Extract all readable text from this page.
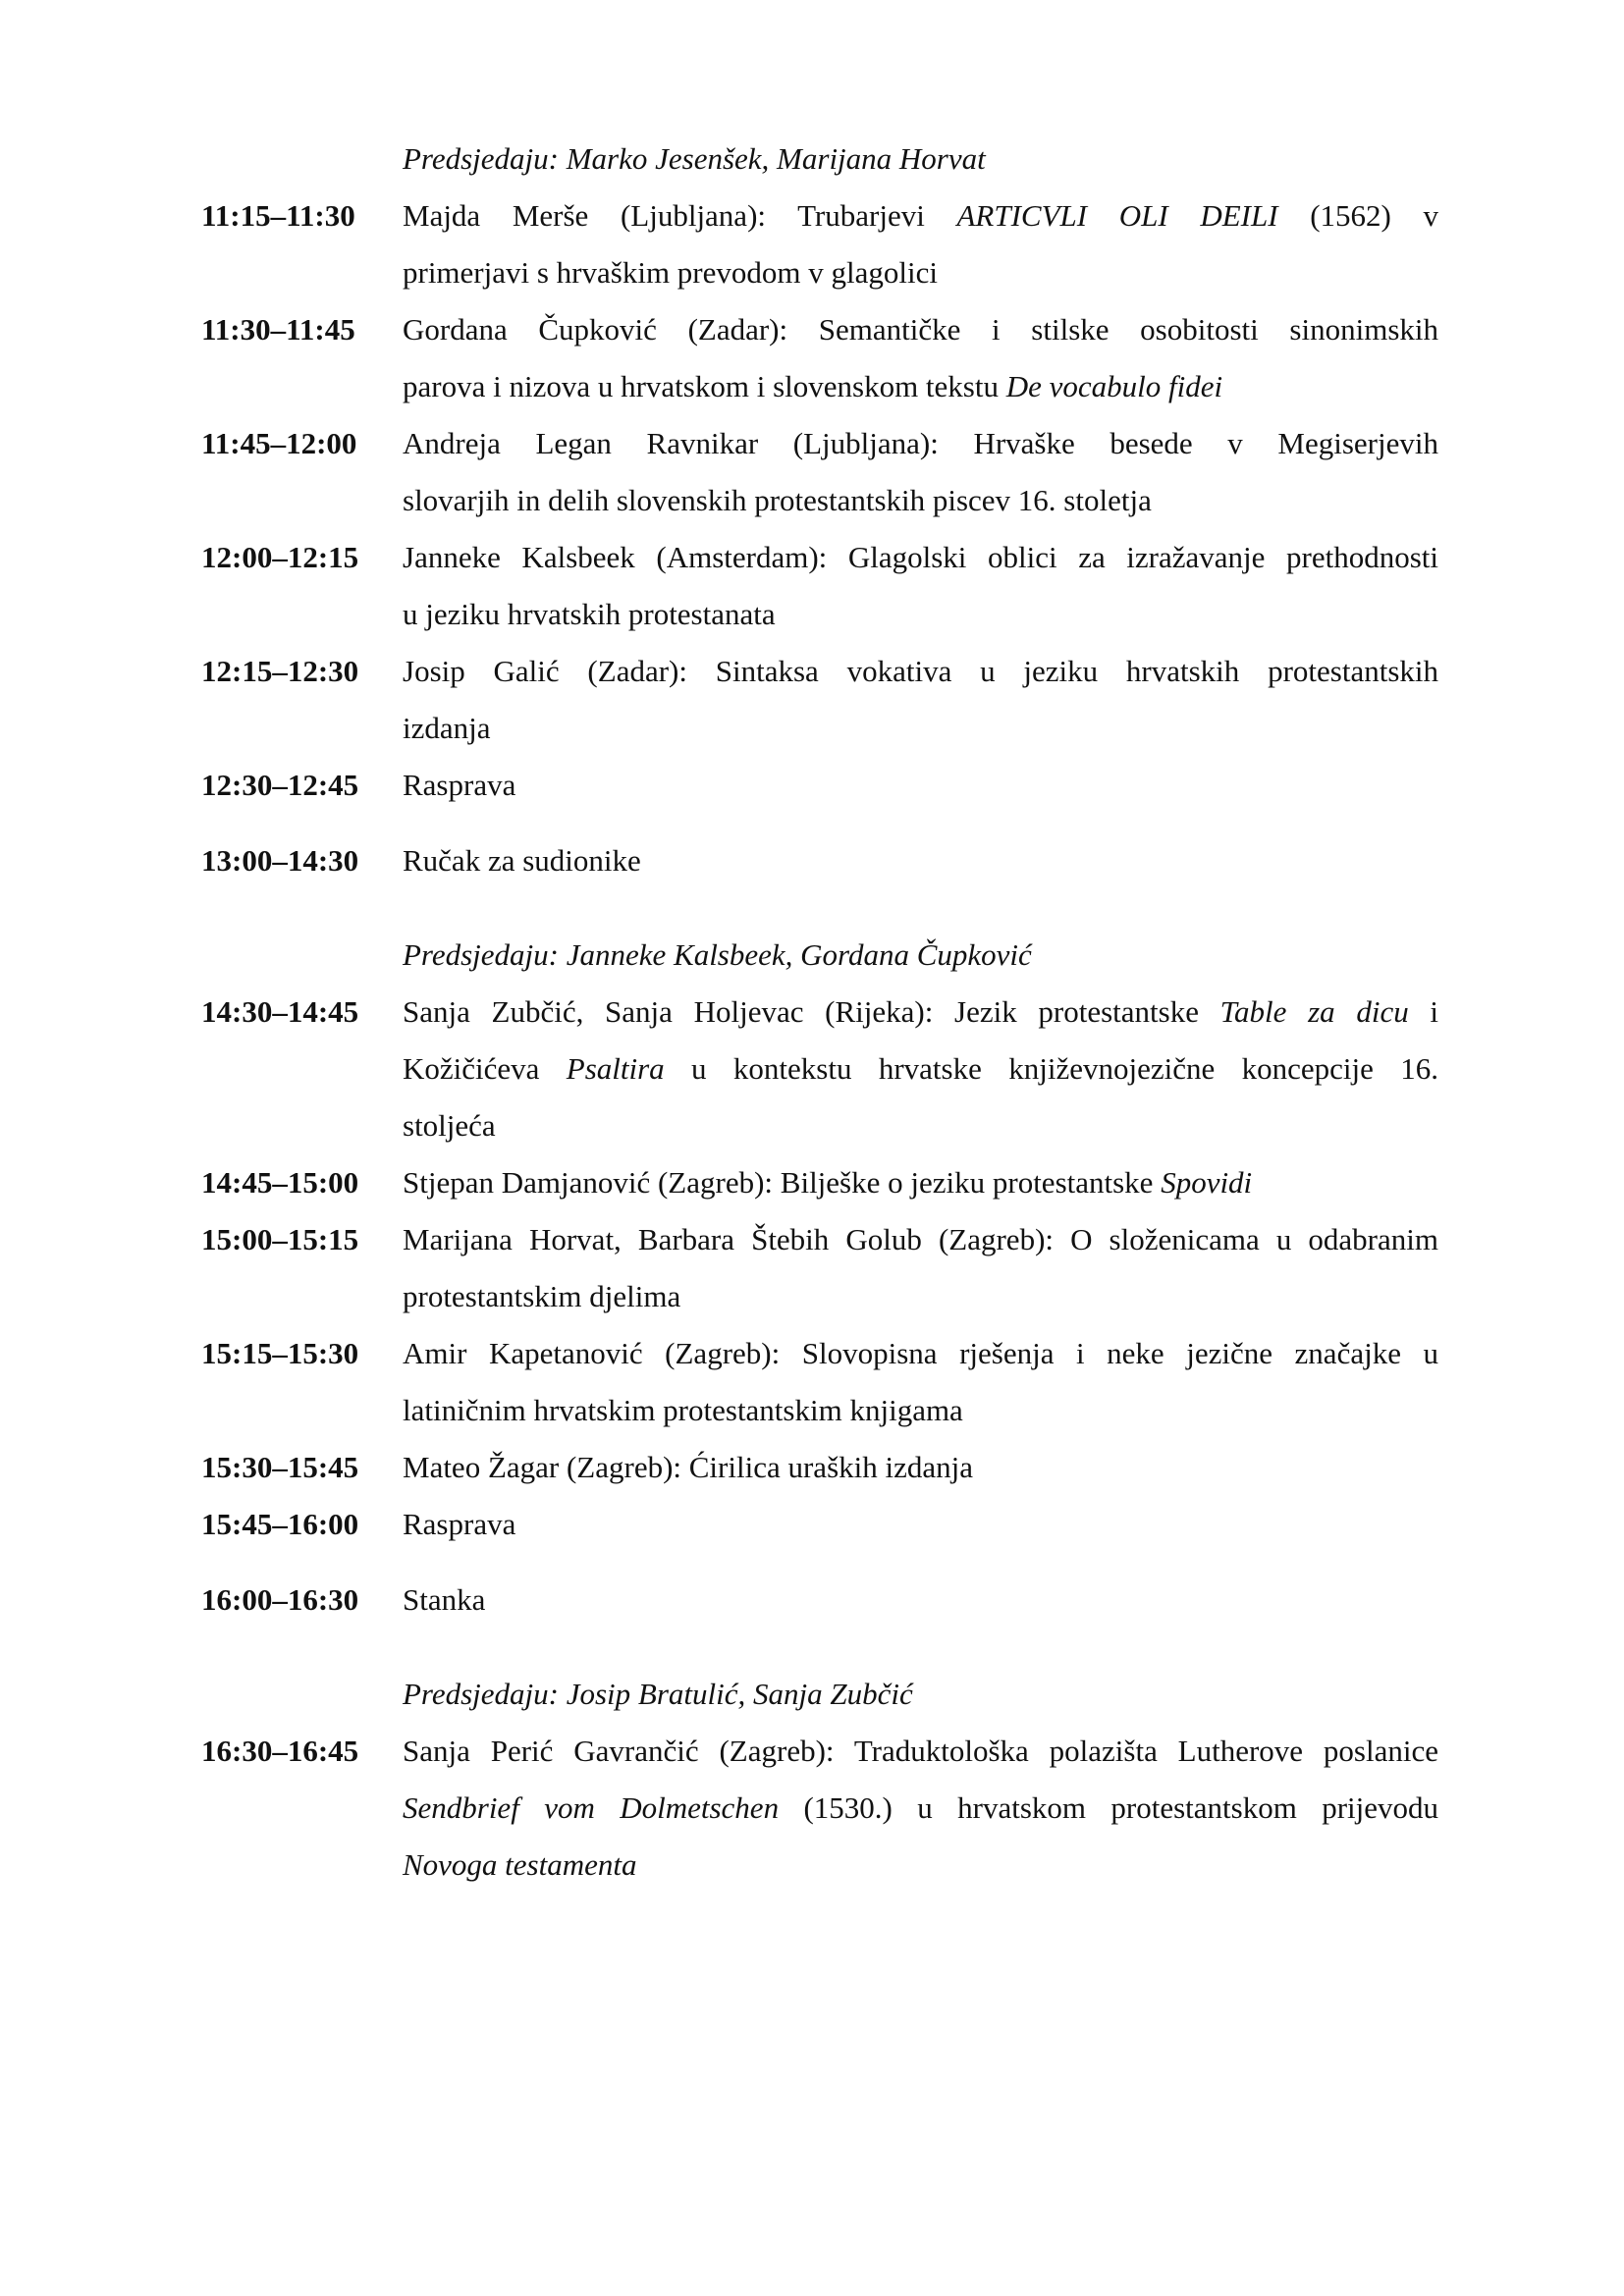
Predsjedaju: Marko Jesenšek, Marijana Horvat
11:15–11:30 Majda Merše (Ljubljana): Trubarjevi ARTICVLI OLI DEILI (1562) v
primerjavi s hrvaškim prevodom v glagolici
11:30–11:45 Gordana Čupković (Zadar): Semantičke i stilske osobitosti sinonimskih
parova i nizova u hrvatskom i slovenskom tekstu De vocabulo fidei
11:45–12:00 Andreja Legan Ravnikar (Ljubljana): Hrvaške besede v Megiserjevih
slovarjih in delih slovenskih protestantskih piscev 16. stoletja
12:00–12:15 Janneke Kalsbeek (Amsterdam): Glagolski oblici za izražavanje prethodnosti
u jeziku hrvatskih protestanata
12:15–12:30 Josip Galić (Zadar): Sintaksa vokativa u jeziku hrvatskih protestantskih
izdanja
12:30–12:45 Rasprava
13:00–14:30 Ručak za sudionike
Predsjedaju: Janneke Kalsbeek, Gordana Čupković
14:30–14:45 Sanja Zubčić, Sanja Holjevac (Rijeka): Jezik protestantske Table za dicu i
Kožičićeva Psaltira u kontekstu hrvatske književnojezične koncepcije 16.
stoljeća
14:45–15:00 Stjepan Damjanović (Zagreb): Bilješke o jeziku protestantske Spovidi
15:00–15:15 Marijana Horvat, Barbara Štebih Golub (Zagreb): O složenicama u odabranim
protestantskim djelima
15:15–15:30 Amir Kapetanović (Zagreb): Slovopisna rješenja i neke jezične značajke u
latiničnim hrvatskim protestantskim knjigama
15:30–15:45 Mateo Žagar (Zagreb): Ćirilica uraških izdanja
15:45–16:00 Rasprava
16:00–16:30 Stanka
Predsjedaju: Josip Bratulić, Sanja Zubčić
16:30–16:45 Sanja Perić Gavrančić (Zagreb): Traduktološka polazišta Lutherove poslanice
Sendbrief vom Dolmetschen (1530.) u hrvatskom protestantskom prijevodu
Novoga testamenta
